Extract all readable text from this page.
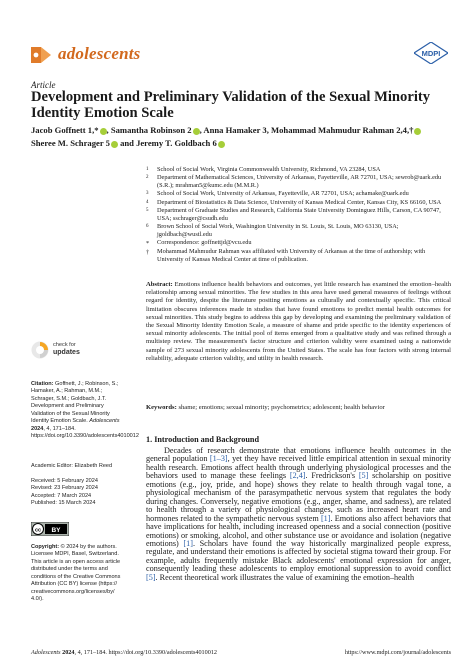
adolescents	MDPI
Article
Development and Preliminary Validation of the Sexual Minority Identity Emotion Scale
Jacob Goffnett 1,* , Samantha Robinson 2 , Anna Hamaker 3, Mohammad Mahmudur Rahman 2,4,†
Sheree M. Schrager 5 and Jeremy T. Goldbach 6
1 School of Social Work, Virginia Commonwealth University, Richmond, VA 23284, USA
2 Department of Mathematical Sciences, University of Arkansas, Fayetteville, AR 72701, USA; sewrob@uark.edu (S.R.); mrahman5@kumc.edu (M.M.R.)
3 School of Social Work, University of Arkansas, Fayetteville, AR 72701, USA; achamake@uark.edu
4 Department of Biostatistics & Data Science, University of Kansas Medical Center, Kansas City, KS 66160, USA
5 Department of Graduate Studies and Research, California State University Dominguez Hills, Carson, CA 90747, USA; sschrager@csudh.edu
6 Brown School of Social Work, Washington University in St. Louis, St. Louis, MO 63130, USA; jgoldbach@wustl.edu
* Correspondence: goffnettjd@vcu.edu
† Mohammad Mahmudur Rahman was affiliated with University of Arkansas at the time of authorship; with University of Kansas Medical Center at time of publication.
Abstract: Emotions influence health behaviors and outcomes, yet little research has examined the emotion–health relationship among sexual minorities. The few studies in this area have used general measures of feelings without regard for identity, despite the literature positing emotions as culturally and contextually specific. This critical limitation obscures inferences made in studies that have found emotions to predict mental health outcomes for sexual minorities. This study begins to address this gap by developing and examining the preliminary validation of the Sexual Minority Identity Emotion Scale, a measure of shame and pride specific to the identity experiences of sexual minority adolescents. The initial pool of items emerged from a qualitative study and was refined through a multistep review. The measurement's factor structure and criterion validity were examined using a nationwide sample of 273 sexual minority adolescents from the United States. The scale has four factors with strong internal reliability, adequate criterion validity, and utility in health research.
Keywords: shame; emotions; sexual minority; psychometrics; adolescent; health behavior
check for
updates
Citation: Goffnett, J.; Robinson, S.; Hamaker, A.; Rahman, M.M.; Schrager, S.M.; Goldbach, J.T. Development and Preliminary Validation of the Sexual Minority Identity Emotion Scale. Adolescents 2024, 4, 171–184. https://doi.org/10.3390/adolescents4010012
Academic Editor: Elizabeth Reed
Received: 5 February 2024
Revised: 23 February 2024
Accepted: 7 March 2024
Published: 15 March 2024
cc BY
Copyright: © 2024 by the authors. Licensee MDPI, Basel, Switzerland. This article is an open access article distributed under the terms and conditions of the Creative Commons Attribution (CC BY) license (https:// creativecommons.org/licenses/by/ 4.0/).
1. Introduction and Background

Decades of research demonstrate that emotions influence health outcomes in the general population [1–3], yet they have received little empirical attention in sexual minority health research. Emotions affect health through underlying physiological processes and the behaviors used to manage these feelings [2,4]. Fredrickson's [5] scholarship on positive emotions (e.g., joy, pride, and hope) shows they relate to health through vagal tone, a physiological mechanism of the parasympathetic nervous system that regulates the body during changes. Conversely, negative emotions (e.g., anger, shame, and sadness), are related to health through a variety of physiological changes, such as increased heart rate and hormones related to the sympathetic nervous system [1]. Emotions also affect behaviors that have implications for health, including increased openness and a social connection (positive emotions) or smoking, alcohol, and other substance use or avoidance and isolation (negative emotions) [1]. Scholars have found the way historically marginalized people express, regulate, and understand their emotions is affected by societal stigma toward their group. For example, adults frequently mistake Black adolescents' emotional expression for anger, consequently leading these adolescents to employ emotional suppression to avoid conflict [5]. Recent theoretical work illustrates the value of examining the emotion–health

Adolescents 2024, 4, 171–184. https://doi.org/10.3390/adolescents4010012	https://www.mdpi.com/journal/adolescents
